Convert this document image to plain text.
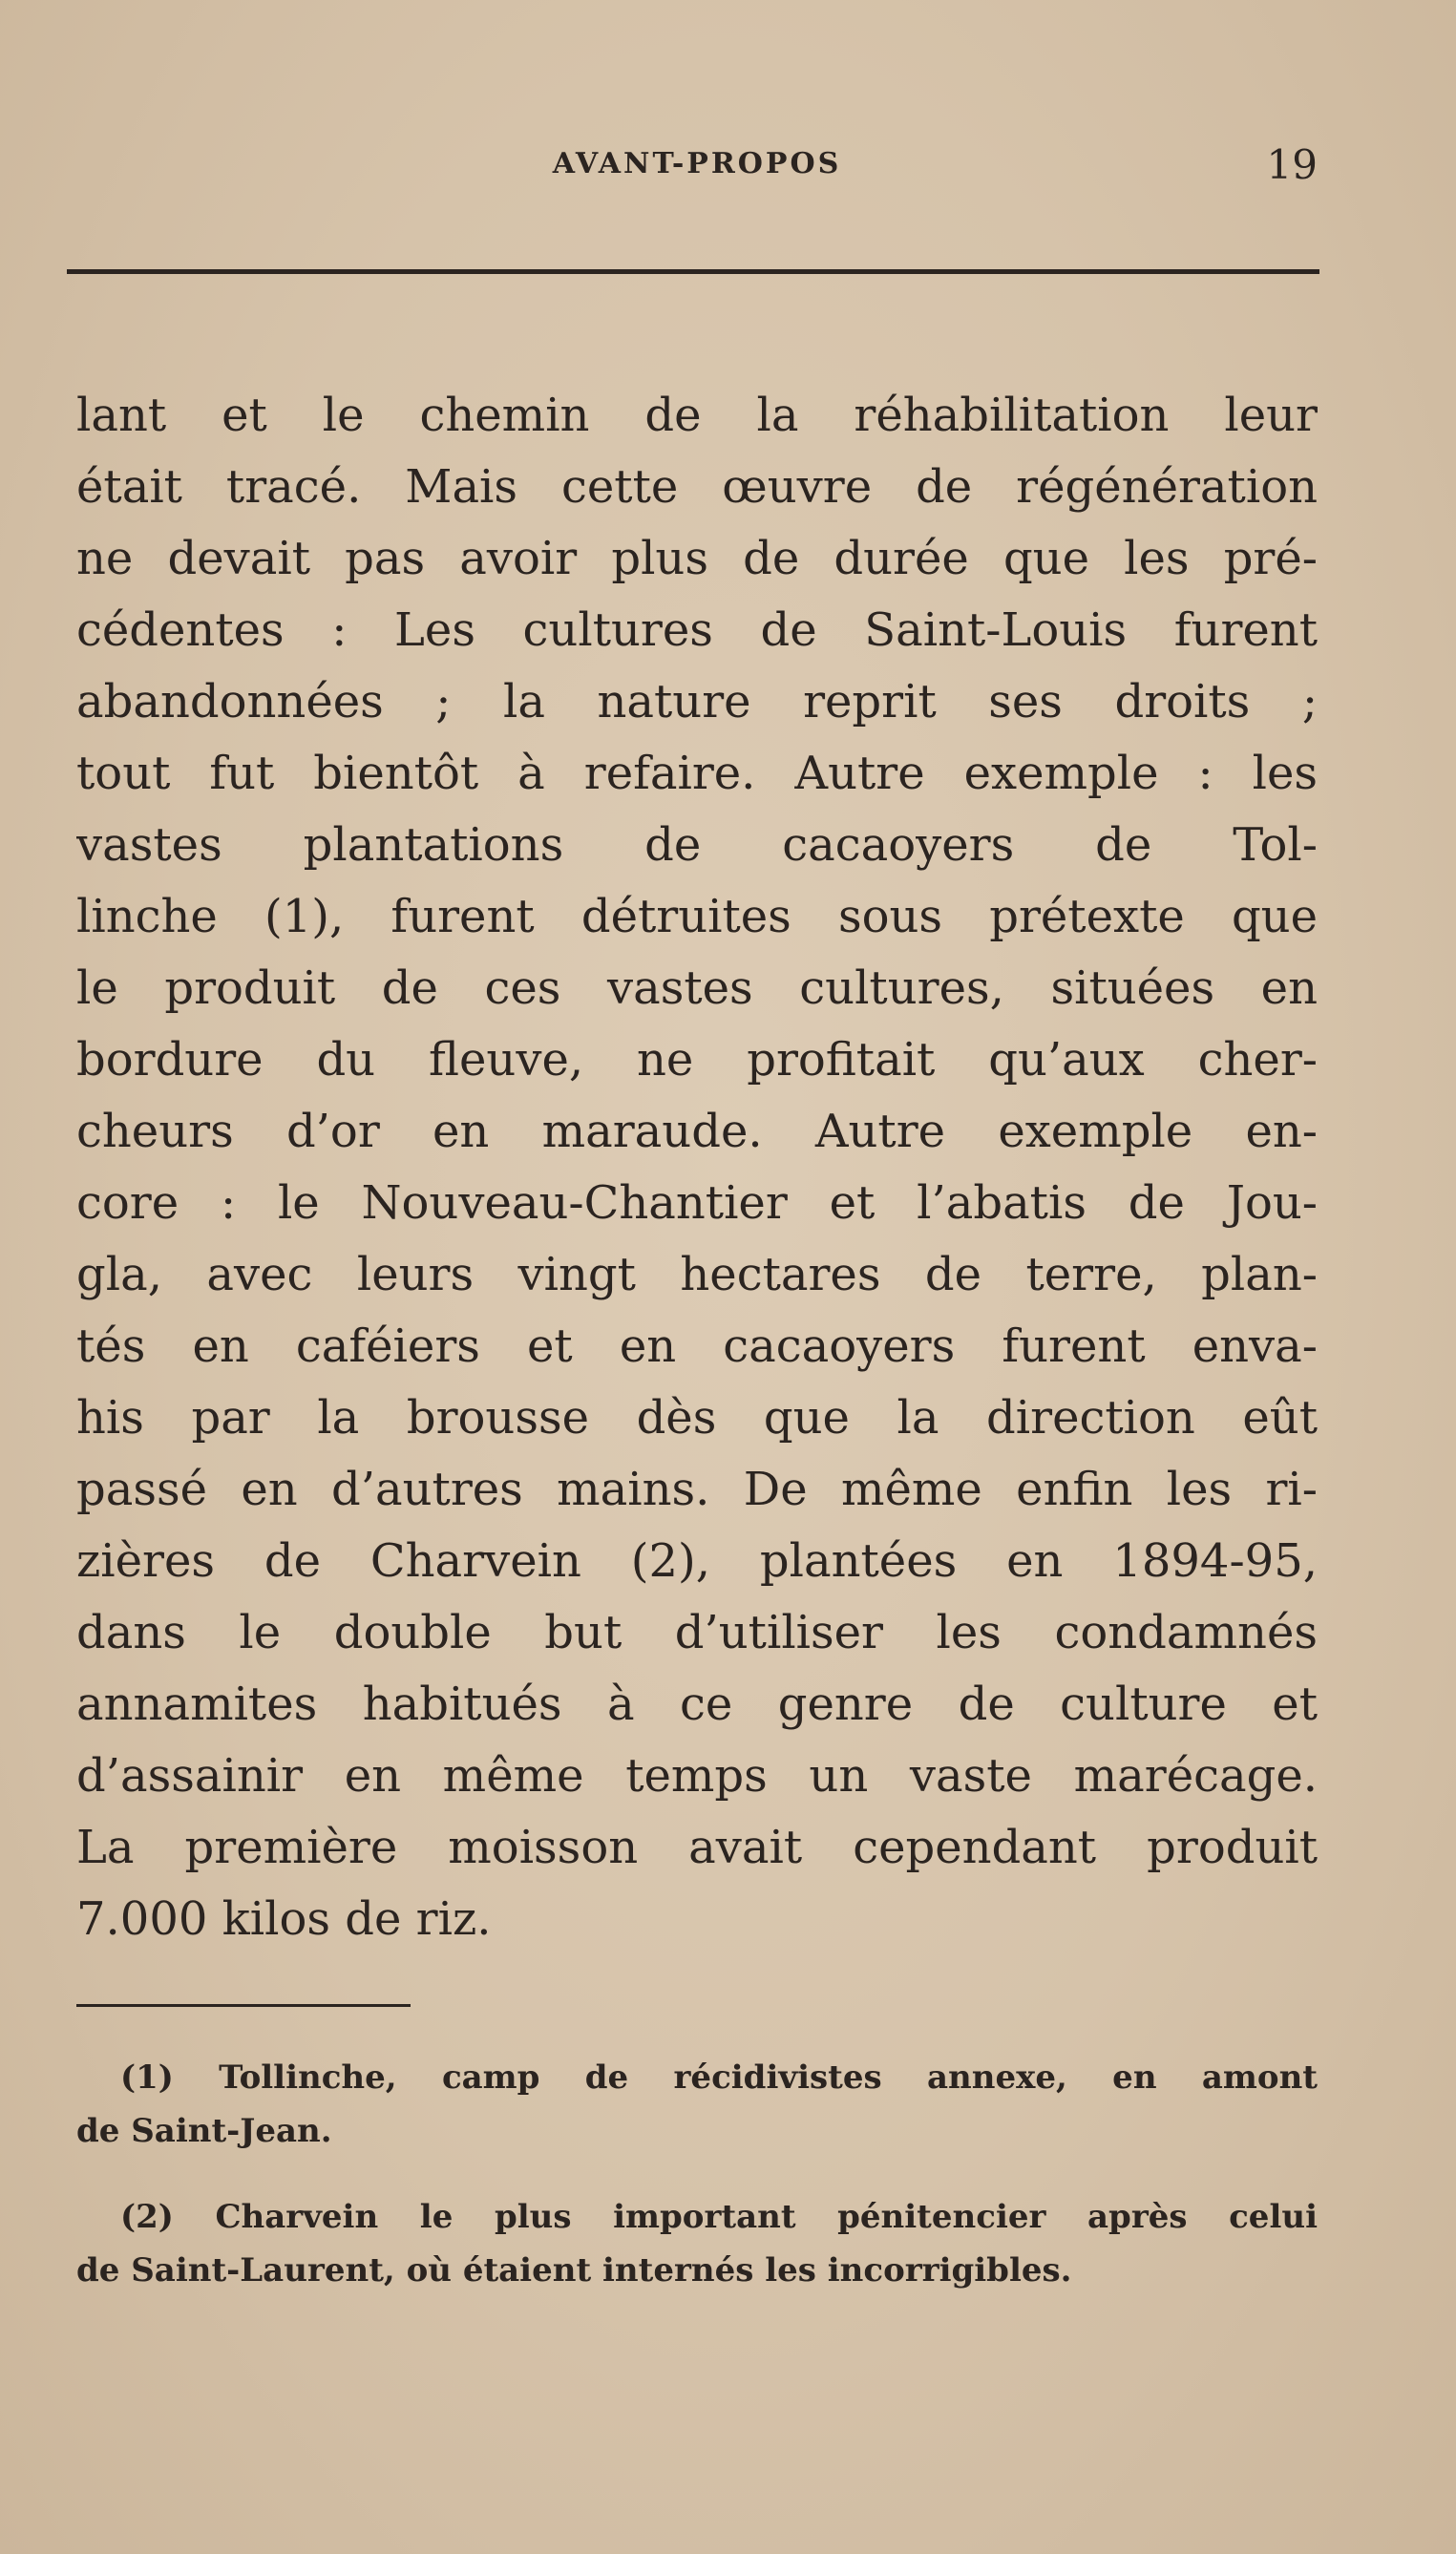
AVANT-PROPOS	19
lant et le chemin de la réhabilitation leur
était tracé. Mais cette œuvre de régénération
ne devait pas avoir plus de durée que les pré-
cédentes : Les cultures de Saint-Louis furent
abandonnées ; la nature reprit ses droits ;
tout fut bientôt à refaire. Autre exemple : les
vastes plantations de cacaoyers de Tol-
linche (1), furent détruites sous prétexte que
le produit de ces vastes cultures, situées en
bordure du fleuve, ne profitait qu’aux cher-
cheurs d’or en maraude. Autre exemple en-
core : le Nouveau-Chantier et l’abatis de Jou-
gla, avec leurs vingt hectares de terre, plan-
tés en caféiers et en cacaoyers furent enva-
his par la brousse dès que la direction eût
passé en d’autres mains. De même enfin les ri-
zières de Charvein (2), plantées en 1894-95,
dans le double but d’utiliser les condamnés
annamites habitués à ce genre de culture et
d’assainir en même temps un vaste marécage.
La première moisson avait cependant produit
7.000 kilos de riz.
(1) Tollinche, camp de récidivistes annexe, en amont
de Saint-Jean.
(2) Charvein le plus important pénitencier après celui
de Saint-Laurent, où étaient internés les incorrigibles.
